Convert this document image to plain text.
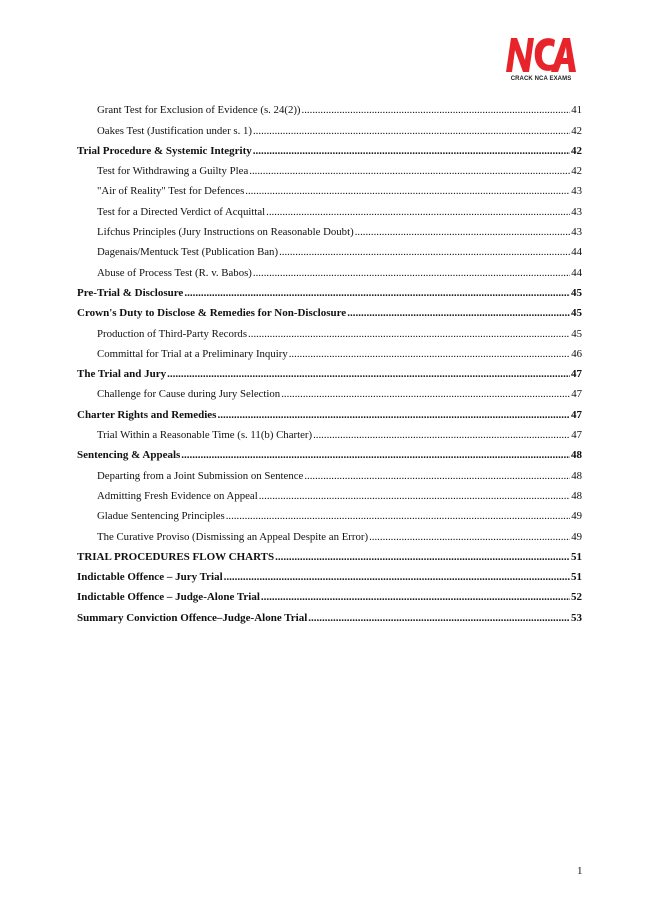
CRACK NCA EXAMS
Grant Test for Exclusion of Evidence (s. 24(2)) .....	41
Oakes Test (Justification under s. 1) .....	42
Trial Procedure & Systemic Integrity .....	42
Test for Withdrawing a Guilty Plea .....	42
"Air of Reality" Test for Defences .....	43
Test for a Directed Verdict of Acquittal .....	43
Lifchus Principles (Jury Instructions on Reasonable Doubt) .....	43
Dagenais/Mentuck Test (Publication Ban) .....	44
Abuse of Process Test (R. v. Babos) .....	44
Pre-Trial & Disclosure .....	45
Crown's Duty to Disclose & Remedies for Non-Disclosure .....	45
Production of Third-Party Records .....	45
Committal for Trial at a Preliminary Inquiry .....	46
The Trial and Jury .....	47
Challenge for Cause during Jury Selection .....	47
Charter Rights and Remedies .....	47
Trial Within a Reasonable Time (s. 11(b) Charter) .....	47
Sentencing & Appeals .....	48
Departing from a Joint Submission on Sentence .....	48
Admitting Fresh Evidence on Appeal .....	48
Gladue Sentencing Principles .....	49
The Curative Proviso (Dismissing an Appeal Despite an Error) .....	49
TRIAL PROCEDURES FLOW CHARTS .....	51
Indictable Offence – Jury Trial .....	51
Indictable Offence – Judge-Alone Trial .....	52
Summary Conviction Offence–Judge-Alone Trial .....	53
1
